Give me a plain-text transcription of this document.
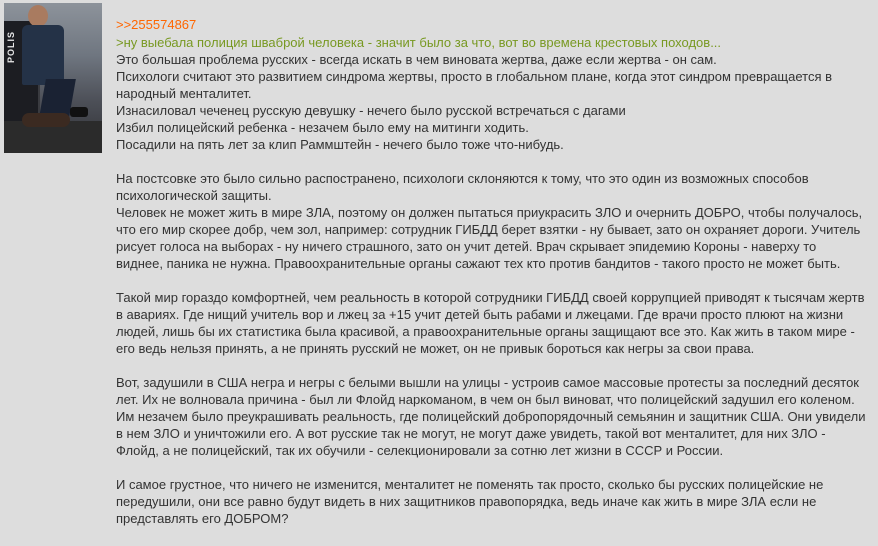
POLIS
>>255574867
>ну выебала полиция шваброй человека - значит было за что, вот во времена крестовых походов...
Это большая проблема русских - всегда искать в чем виновата жертва, даже если жертва - он сам.
Психологи считают это развитием синдрома жертвы, просто в глобальном плане, когда этот синдром превращается в
народный менталитет.
Изнасиловал чеченец русскую девушку - нечего было русской встречаться с дагами
Избил полицейский ребенка - незачем было ему на митинги ходить.
Посадили на пять лет за клип Раммштейн - нечего было тоже что-нибудь.
На постсовке это было сильно распостранено, психологи склоняются к тому, что это один из возможных способов
психологической защиты.
Человек не может жить в мире ЗЛА, поэтому он должен пытаться приукрасить ЗЛО и очернить ДОБРО, чтобы получалось,
что его мир скорее добр, чем зол, например: сотрудник ГИБДД берет взятки - ну бывает, зато он охраняет дороги. Учитель
рисует голоса на выборах - ну ничего страшного, зато он учит детей. Врач скрывает эпидемию Короны - наверху то
виднее, паника не нужна. Правоохранительные органы сажают тех кто против бандитов - такого просто не может быть.
Такой мир гораздо комфортней, чем реальность в которой сотрудники ГИБДД своей коррупцией приводят к тысячам жертв
в авариях. Где нищий учитель вор и лжец за +15 учит детей быть рабами и лжецами. Где врачи просто плюют на жизни
людей, лишь бы их статистика была красивой, а правоохранительные органы защищают все это. Как жить в таком мире -
его ведь нельзя принять, а не принять русский не может, он не привык бороться как негры за свои права.
Вот, задушили в США негра и негры с белыми вышли на улицы - устроив самое массовые протесты за последний десяток
лет. Их не волновала причина - был ли Флойд наркоманом, в чем он был виноват, что полицейский задушил его коленом.
Им незачем было преукрашивать реальность, где полицейский добропорядочный семьянин и защитник США. Они увидели
в нем ЗЛО и уничтожили его. А вот русские так не могут, не могут даже увидеть, такой вот менталитет, для них ЗЛО -
Флойд, а не полицейский, так их обучили - селекционировали за сотню лет жизни в СССР и России.
И самое грустное, что ничего не изменится, менталитет не поменять так просто, сколько бы русских полицейские не
передушили, они все равно будут видеть в них защитников правопорядка, ведь иначе как жить в мире ЗЛА если не
представлять его ДОБРОМ?
